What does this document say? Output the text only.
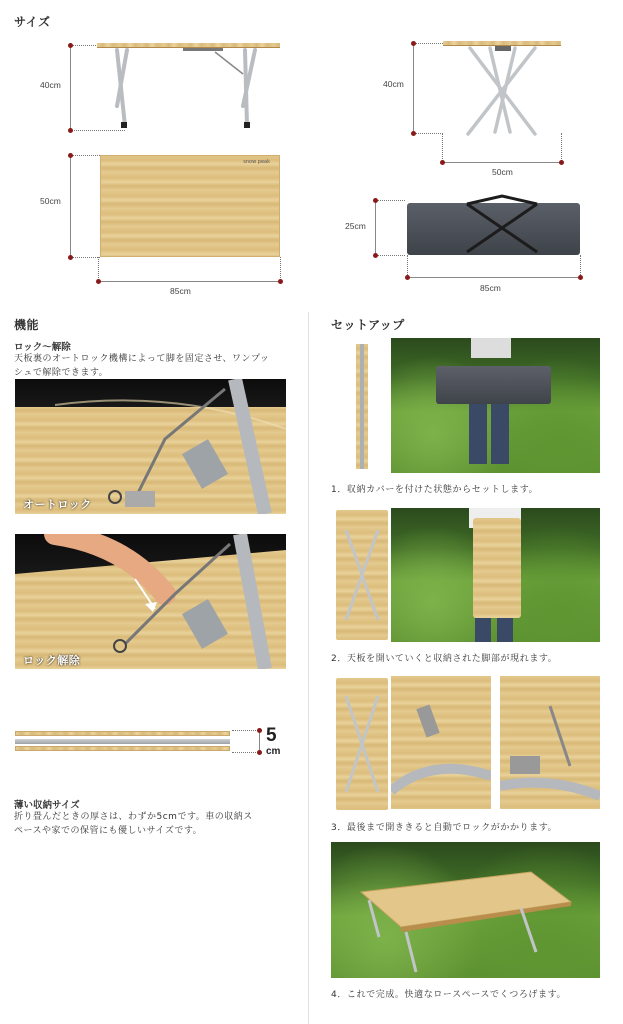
サイズ
40cm
50cm
snow peak
85cm
40cm
50cm
25cm
85cm
機能
ロック～解除
天板裏のオートロック機構によって脚を固定させ、ワンプッ
シュで解除できます。
オートロック
ロック解除
5
cm
薄い収納サイズ
折り畳んだときの厚さは、わずか5cmです。車の収納ス
ペースや家での保管にも優しいサイズです。
セットアップ
1．収納カバーを付けた状態からセットします。
2．天板を開いていくと収納された脚部が現れます。
3．最後まで開ききると自動でロックがかかります。
4．これで完成。快適なロースペースでくつろげます。
